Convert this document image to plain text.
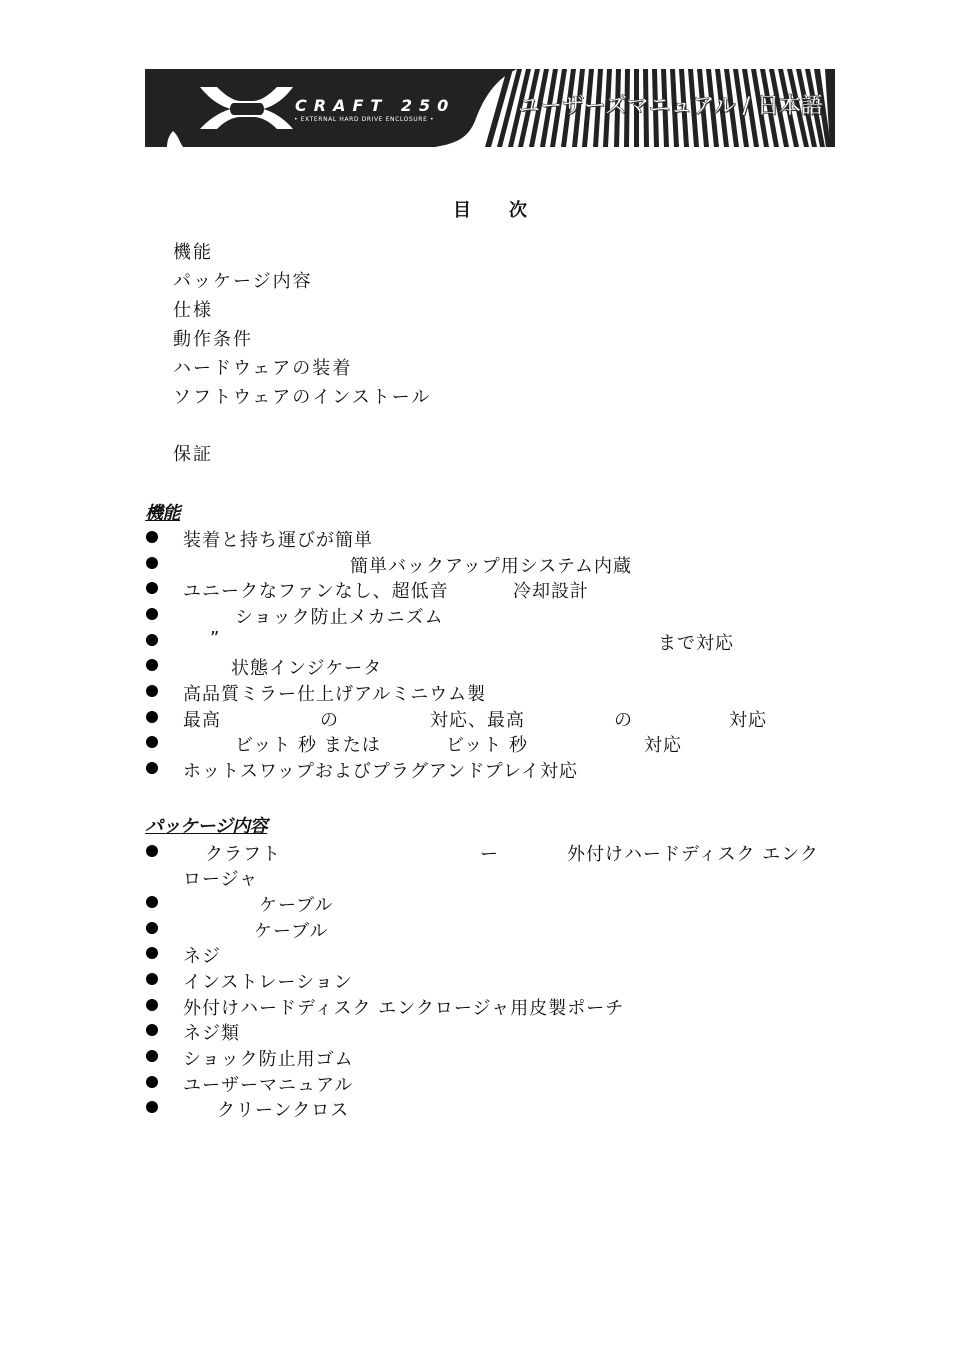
CRAFT 250
• EXTERNAL HARD DRIVE ENCLOSURE •
ユーザーズマニュアル / 日本語
目 次
機能
パッケージ内容
仕様
動作条件
ハードウェアの装着
ソフトウェアのインストール
保証
機能
装着と持ち運びが簡単
簡単バックアップ用システム内蔵
ユニークなファンなし、超低音	冷却設計
ショック防止メカニズム
”	まで対応
状態インジケータ
高品質ミラー仕上げアルミニウム製
最高	の	対応、最高	の	対応
ビット 秒 または	ビット 秒	対応
ホットスワップおよびプラグアンドプレイ対応
パッケージ内容
クラフト	ー	外付けハードディスク エンク
ロージャ
ケーブル
ケーブル
ネジ
インストレーション
外付けハードディスク エンクロージャ用皮製ポーチ
ネジ類
ショック防止用ゴム
ユーザーマニュアル
クリーンクロス
